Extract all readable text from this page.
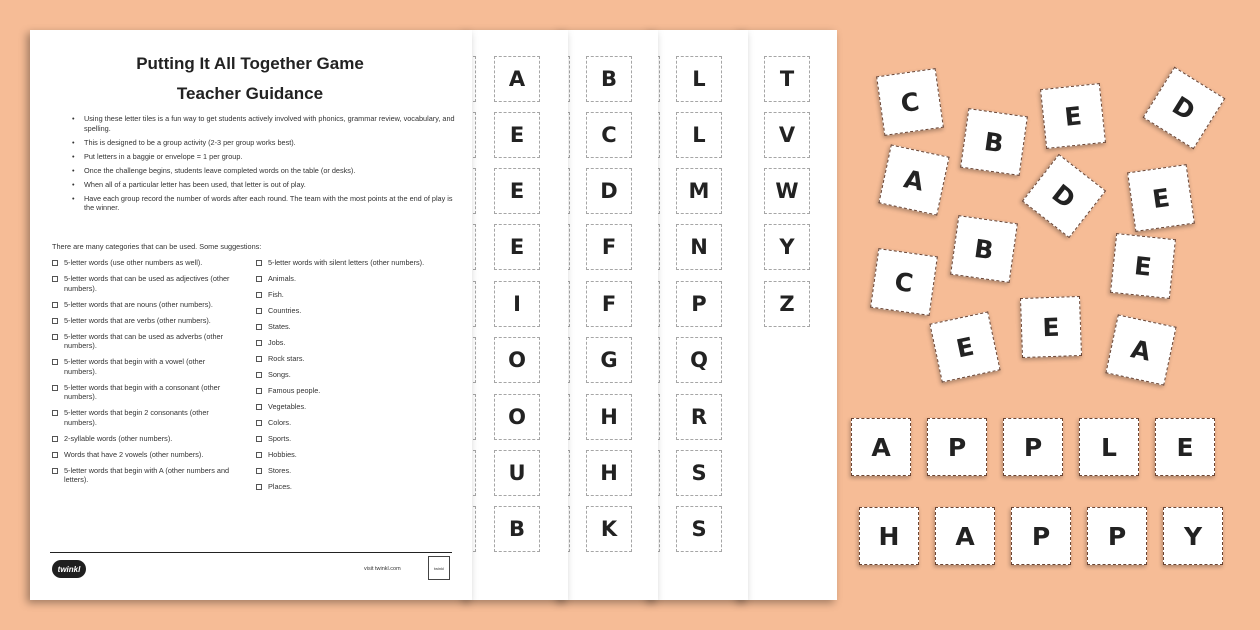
T
V
W
Y
Z
L
L
M
N
P
Q
R
S
S
B
C
D
F
F
G
H
H
K
A
E
E
E
I
O
O
U
B
Putting It All Together Game
Teacher Guidance
• Using these letter tiles is a fun way to get students actively involved with phonics, grammar review, vocabulary, and spelling.
• This is designed to be a group activity (2-3 per group works best).
• Put letters in a baggie or envelope = 1 per group.
• Once the challenge begins, students leave completed words on the table (or desks).
• When all of a particular letter has been used, that letter is out of play.
• Have each group record the number of words after each round. The team with the most points at the end of play is the winner.
There are many categories that can be used. Some suggestions:
5-letter words (use other numbers as well).
5-letter words that can be used as adjectives (other numbers).
5-letter words that are nouns (other numbers).
5-letter words that are verbs (other numbers).
5-letter words that can be used as adverbs (other numbers).
5-letter words that begin with a vowel (other numbers).
5-letter words that begin with a consonant (other numbers).
5-letter words that begin 2 consonants (other numbers).
2-syllable words (other numbers).
Words that have 2 vowels (other numbers).
5-letter words that begin with A (other numbers and letters).
5-letter words with silent letters (other numbers).
Animals.
Fish.
Countries.
States.
Jobs.
Rock stars.
Songs.
Famous people.
Vegetables.
Colors.
Sports.
Hobbies.
Stores.
Places.
twinkl	visit twinkl.com	twinkl
C
B
E	D
A	D	E
B
E
C
E
E	A
A	P	P	L	E
H	A	P	P	Y
